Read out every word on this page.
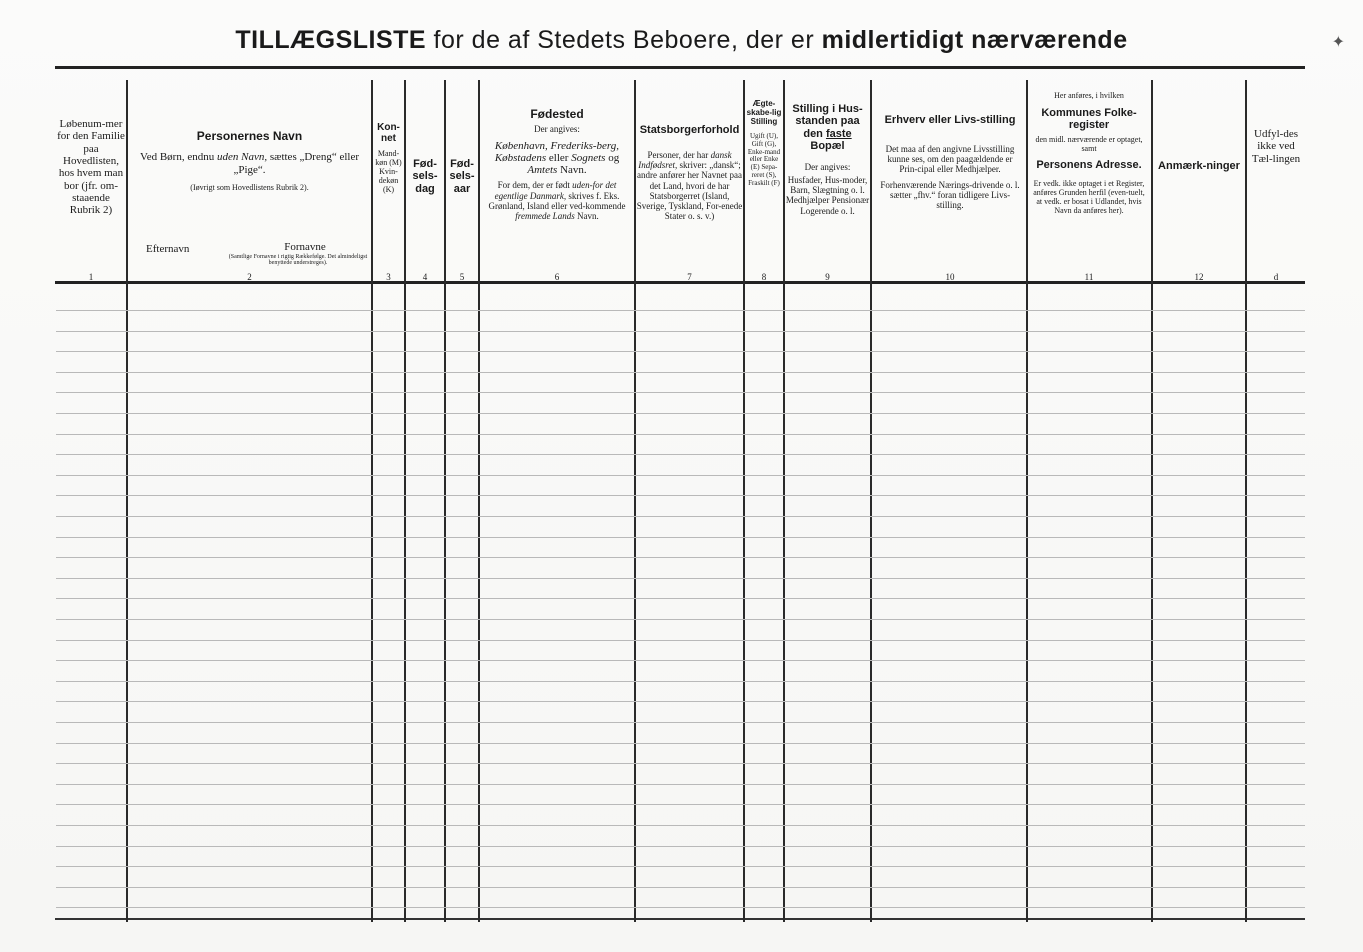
TILLÆGSLISTE for de af Stedets Beboere, der er midlertidigt nærværende	✦
Løbenum-mer for den Familie paa Hovedlisten, hos hvem man bor (jfr. om-staaende Rubrik 2)
1
Personernes Navn
Ved Børn, endnu uden Navn, sættes „Dreng“ eller „Pige“.
(Iøvrigt som Hovedlistens Rubrik 2).
Efternavn	Fornavne
(Samtlige Fornavne i rigtig Rækkefølge. Det almindeligst benyttede understreges).
2
Kon-net
Mand-køn (M) Kvin-dekøn (K)
3
Fød-sels-dag
4
Fød-sels-aar
5
Fødested
Der angives:
København, Frederiks-berg, Købstadens eller Sognets og Amtets Navn.
For dem, der er født uden-for det egentlige Danmark, skrives f. Eks. Grønland, Island eller ved-kommende fremmede Lands Navn.
6
Statsborgerforhold
Personer, der har dansk Indfødsret, skriver: „dansk“; andre anfører her Navnet paa det Land, hvori de har Statsborgerret (Island, Sverige, Tyskland, For-enede Stater o. s. v.)
7
Ægte-skabe-lig Stilling
Ugift (U), Gift (G), Enke-mand eller Enke (E) Sepa-reret (S), Fraskilt (F)
8
Stilling i Hus-standen paa den faste Bopæl
Der angives:
Husfader, Hus-moder, Barn, Slægtning o. l. Medhjælper Pensionær Logerende o. l.
9
Erhverv eller Livs-stilling
Det maa af den angivne Livsstilling kunne ses, om den paagældende er Prin-cipal eller Medhjælper.
Forhenværende Nærings-drivende o. l. sætter „fhv.“ foran tidligere Livs-stilling.
10
Her anføres, i hvilken
Kommunes Folke-register
den midl. nærværende er optaget, samt
Personens Adresse.
Er vedk. ikke optaget i et Register, anføres Grunden herfil (even-tuelt, at vedk. er bosat i Udlandet, hvis Navn da anføres her).
11
Anmærk-ninger
12
Udfyl-des ikke ved Tæl-lingen
d
